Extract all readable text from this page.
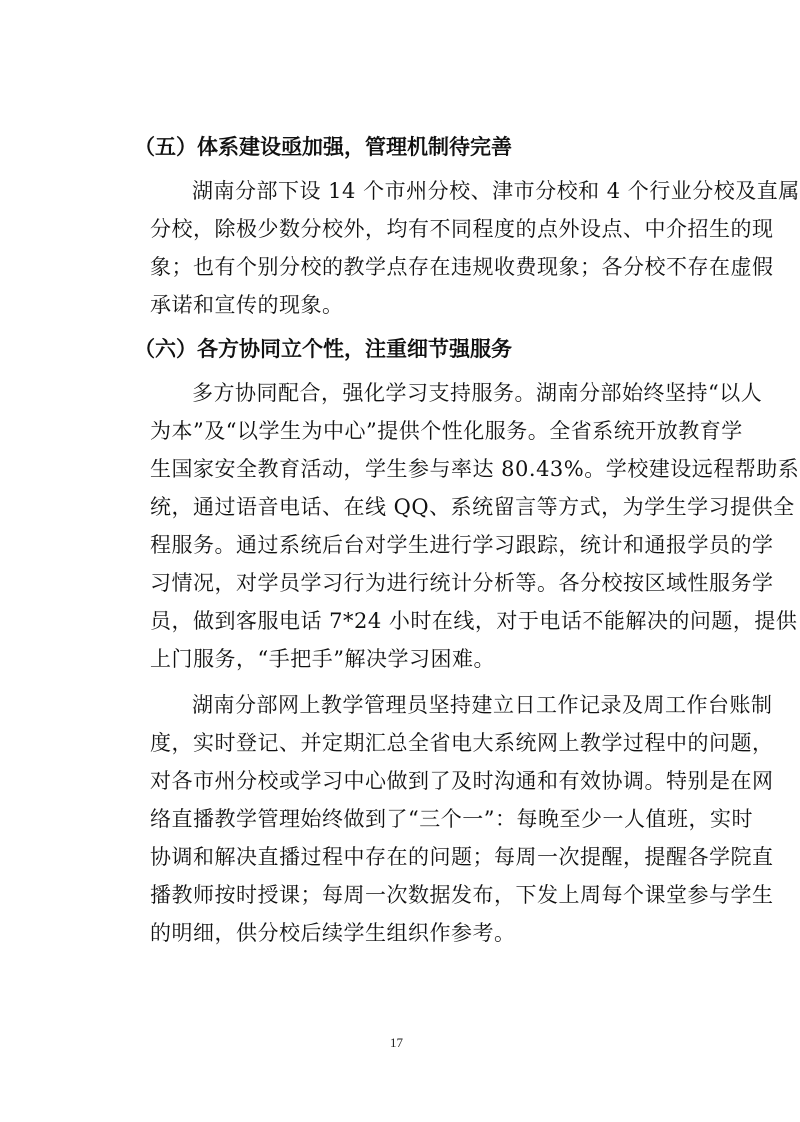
（五）体系建设亟加强，管理机制待完善
湖南分部下设 14 个市州分校、津市分校和 4 个行业分校及直属
分校，除极少数分校外，均有不同程度的点外设点、中介招生的现
象；也有个别分校的教学点存在违规收费现象；各分校不存在虚假
承诺和宣传的现象。
（六）各方协同立个性，注重细节强服务
多方协同配合，强化学习支持服务。湖南分部始终坚持“以人
为本”及“以学生为中心”提供个性化服务。全省系统开放教育学
生国家安全教育活动，学生参与率达 80.43%。学校建设远程帮助系
统，通过语音电话、在线 QQ、系统留言等方式，为学生学习提供全
程服务。通过系统后台对学生进行学习跟踪，统计和通报学员的学
习情况，对学员学习行为进行统计分析等。各分校按区域性服务学
员，做到客服电话 7*24 小时在线，对于电话不能解决的问题，提供
上门服务，“手把手”解决学习困难。
湖南分部网上教学管理员坚持建立日工作记录及周工作台账制
度，实时登记、并定期汇总全省电大系统网上教学过程中的问题，
对各市州分校或学习中心做到了及时沟通和有效协调。特别是在网
络直播教学管理始终做到了“三个一”：每晚至少一人值班，实时
协调和解决直播过程中存在的问题；每周一次提醒，提醒各学院直
播教师按时授课；每周一次数据发布，下发上周每个课堂参与学生
的明细，供分校后续学生组织作参考。
17
